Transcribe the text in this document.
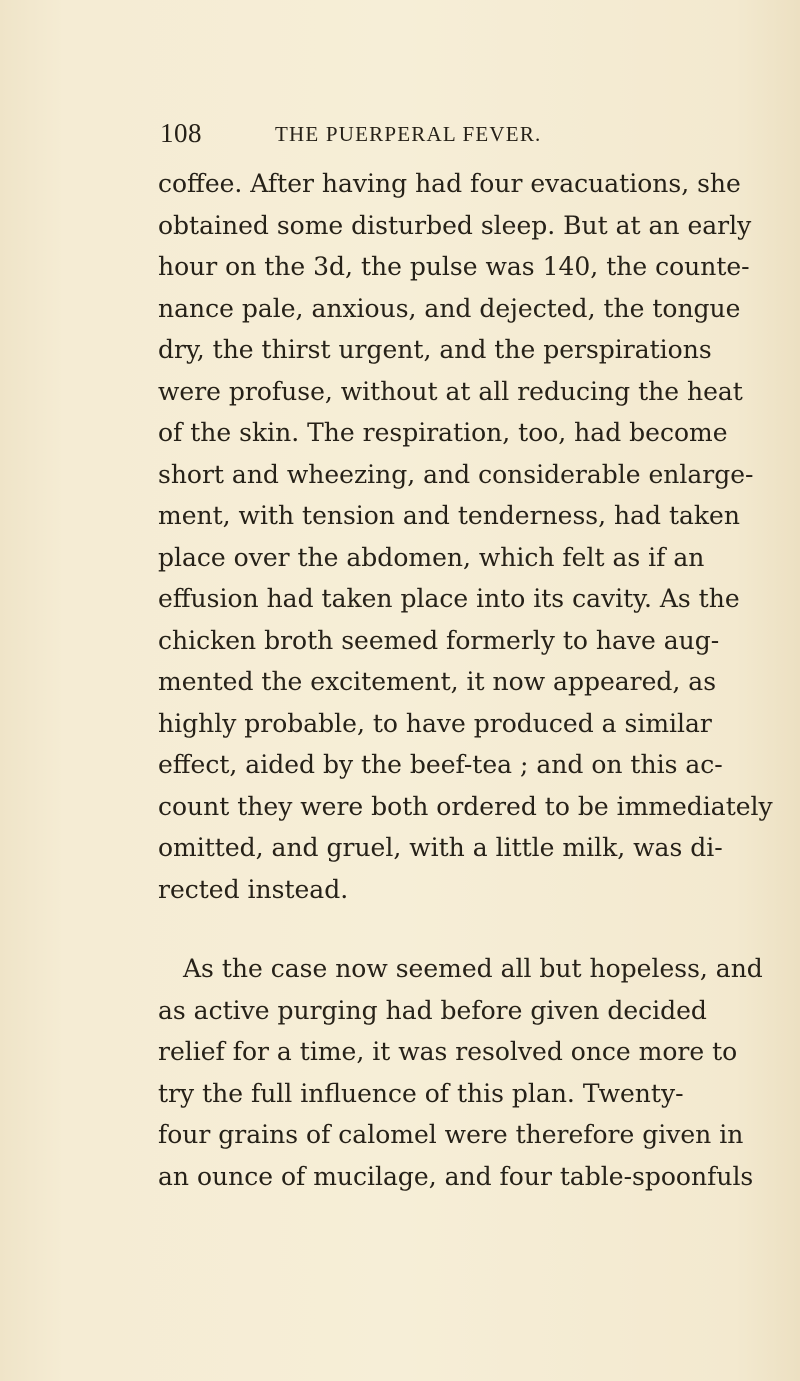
108	THE PUERPERAL FEVER.
coffee. After having had four evacuations, she
obtained some disturbed sleep. But at an early
hour on the 3d, the pulse was 140, the counte-
nance pale, anxious, and dejected, the tongue
dry, the thirst urgent, and the perspirations
were profuse, without at all reducing the heat
of the skin. The respiration, too, had become
short and wheezing, and considerable enlarge-
ment, with tension and tenderness, had taken
place over the abdomen, which felt as if an
effusion had taken place into its cavity. As the
chicken broth seemed formerly to have aug-
mented the excitement, it now appeared, as
highly probable, to have produced a similar
effect, aided by the beef-tea ; and on this ac-
count they were both ordered to be immediately
omitted, and gruel, with a little milk, was di-
rected instead.
As the case now seemed all but hopeless, and
as active purging had before given decided
relief for a time, it was resolved once more to
try the full influence of this plan. Twenty-
four grains of calomel were therefore given in
an ounce of mucilage, and four table-spoonfuls
